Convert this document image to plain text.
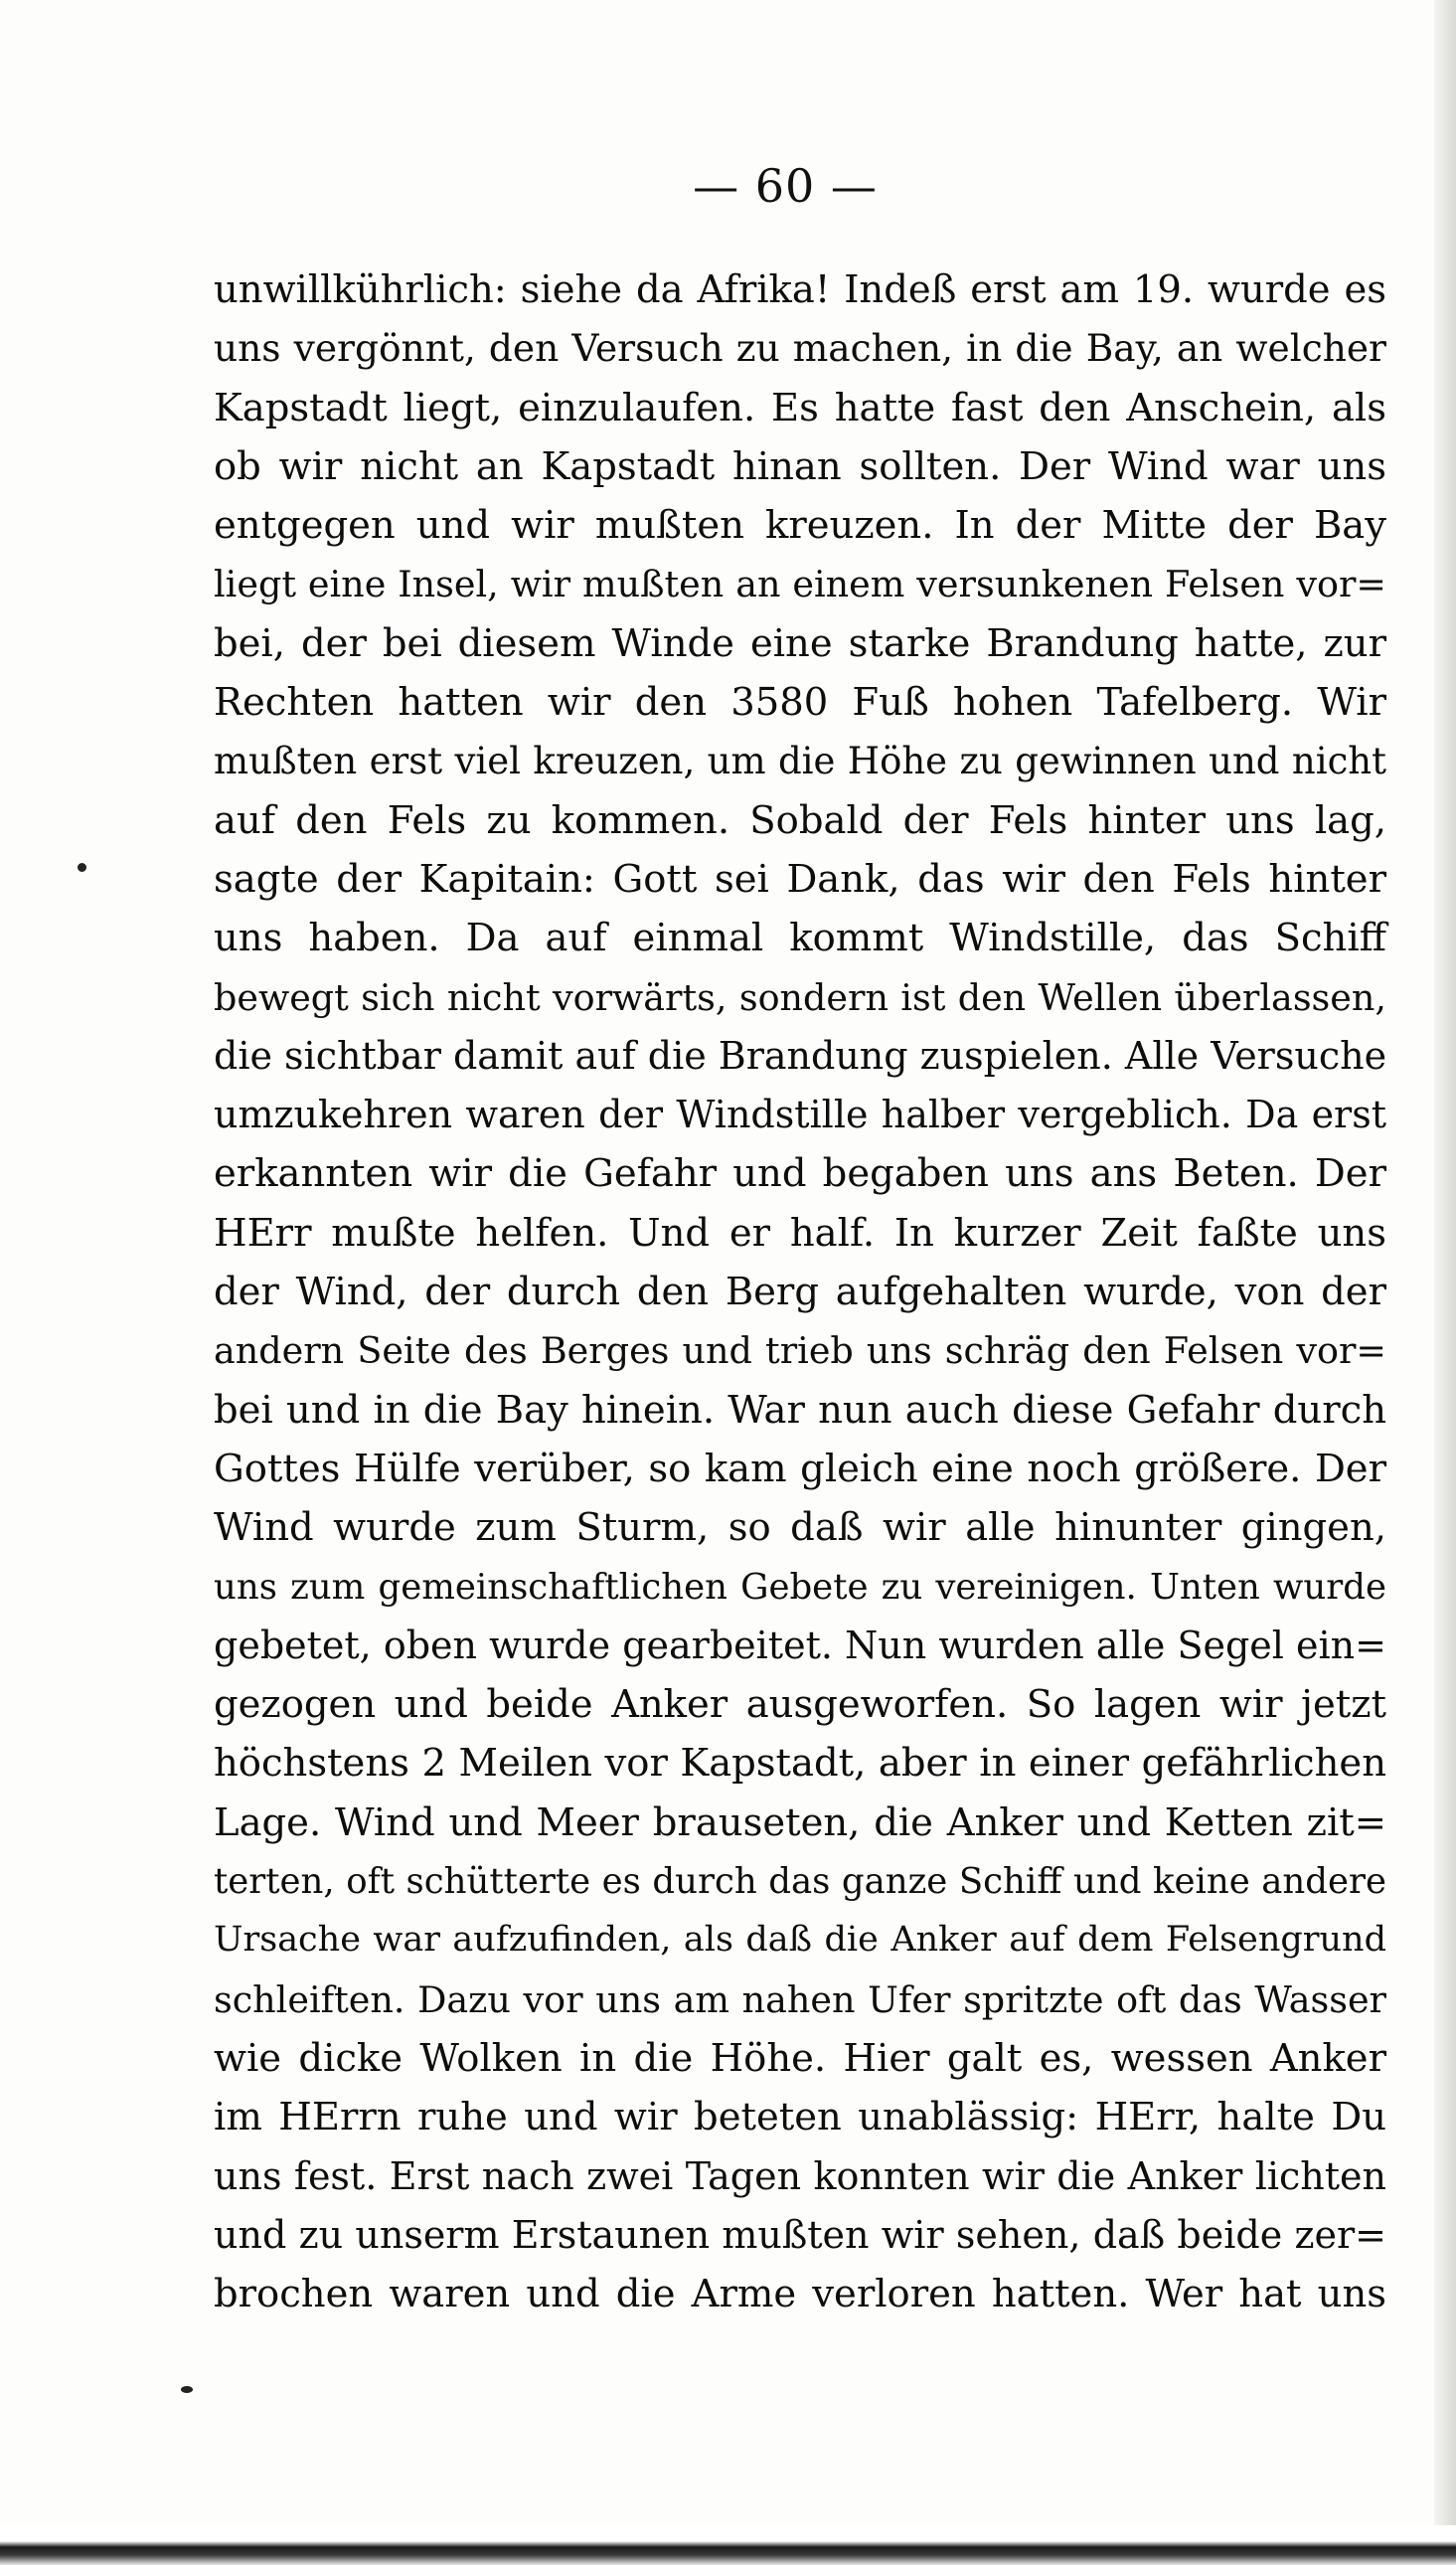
— 60 —
unwillkührlich: siehe da Afrika! Indeß erst am 19. wurde es
uns vergönnt, den Versuch zu machen, in die Bay, an welcher
Kapstadt liegt, einzulaufen. Es hatte fast den Anschein, als
ob wir nicht an Kapstadt hinan sollten. Der Wind war uns
entgegen und wir mußten kreuzen. In der Mitte der Bay
liegt eine Insel, wir mußten an einem versunkenen Felsen vor=
bei, der bei diesem Winde eine starke Brandung hatte, zur
Rechten hatten wir den 3580 Fuß hohen Tafelberg. Wir
mußten erst viel kreuzen, um die Höhe zu gewinnen und nicht
auf den Fels zu kommen. Sobald der Fels hinter uns lag,
sagte der Kapitain: Gott sei Dank, das wir den Fels hinter
uns haben. Da auf einmal kommt Windstille, das Schiff
bewegt sich nicht vorwärts, sondern ist den Wellen überlassen,
die sichtbar damit auf die Brandung zuspielen. Alle Versuche
umzukehren waren der Windstille halber vergeblich. Da erst
erkannten wir die Gefahr und begaben uns ans Beten. Der
HErr mußte helfen. Und er half. In kurzer Zeit faßte uns
der Wind, der durch den Berg aufgehalten wurde, von der
andern Seite des Berges und trieb uns schräg den Felsen vor=
bei und in die Bay hinein. War nun auch diese Gefahr durch
Gottes Hülfe verüber, so kam gleich eine noch größere. Der
Wind wurde zum Sturm, so daß wir alle hinunter gingen,
uns zum gemeinschaftlichen Gebete zu vereinigen. Unten wurde
gebetet, oben wurde gearbeitet. Nun wurden alle Segel ein=
gezogen und beide Anker ausgeworfen. So lagen wir jetzt
höchstens 2 Meilen vor Kapstadt, aber in einer gefährlichen
Lage. Wind und Meer brauseten, die Anker und Ketten zit=
terten, oft schütterte es durch das ganze Schiff und keine andere
Ursache war aufzufinden, als daß die Anker auf dem Felsengrund
schleiften. Dazu vor uns am nahen Ufer spritzte oft das Wasser
wie dicke Wolken in die Höhe. Hier galt es, wessen Anker
im HErrn ruhe und wir beteten unablässig: HErr, halte Du
uns fest. Erst nach zwei Tagen konnten wir die Anker lichten
und zu unserm Erstaunen mußten wir sehen, daß beide zer=
brochen waren und die Arme verloren hatten. Wer hat uns
